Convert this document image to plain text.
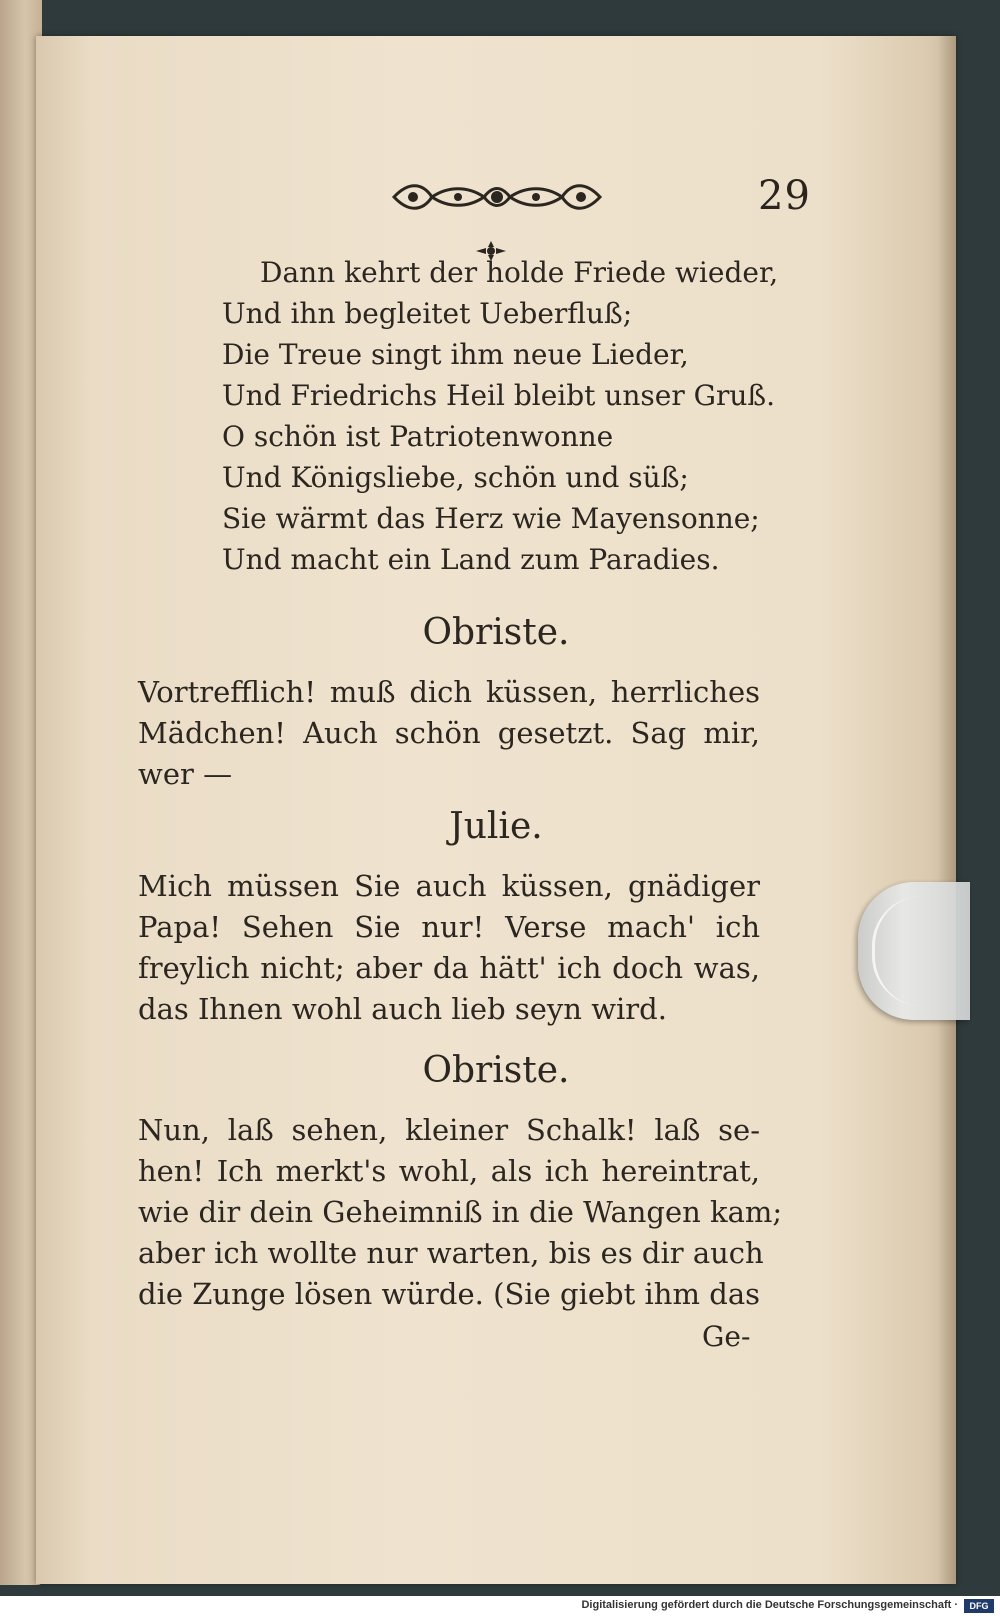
29
Dann kehrt der holde Friede wieder,
Und ihn begleitet Ueberfluß;
Die Treue singt ihm neue Lieder,
Und Friedrichs Heil bleibt unser Gruß.
O schön ist Patriotenwonne
Und Königsliebe, schön und süß;
Sie wärmt das Herz wie Mayensonne;
Und macht ein Land zum Paradies.
Obriste.
Vortrefflich! muß dich küssen, herrliches
Mädchen! Auch schön gesetzt. Sag mir,
wer —
Julie.
Mich müssen Sie auch küssen, gnädiger
Papa! Sehen Sie nur! Verse mach' ich
freylich nicht; aber da hätt' ich doch was,
das Ihnen wohl auch lieb seyn wird.
Obriste.
Nun, laß sehen, kleiner Schalk! laß se-
hen! Ich merkt's wohl, als ich hereintrat,
wie dir dein Geheimniß in die Wangen kam;
aber ich wollte nur warten, bis es dir auch
die Zunge lösen würde. (Sie giebt ihm das
Ge-
Digitalisierung gefördert durch die Deutsche Forschungsgemeinschaft ·	DFG
